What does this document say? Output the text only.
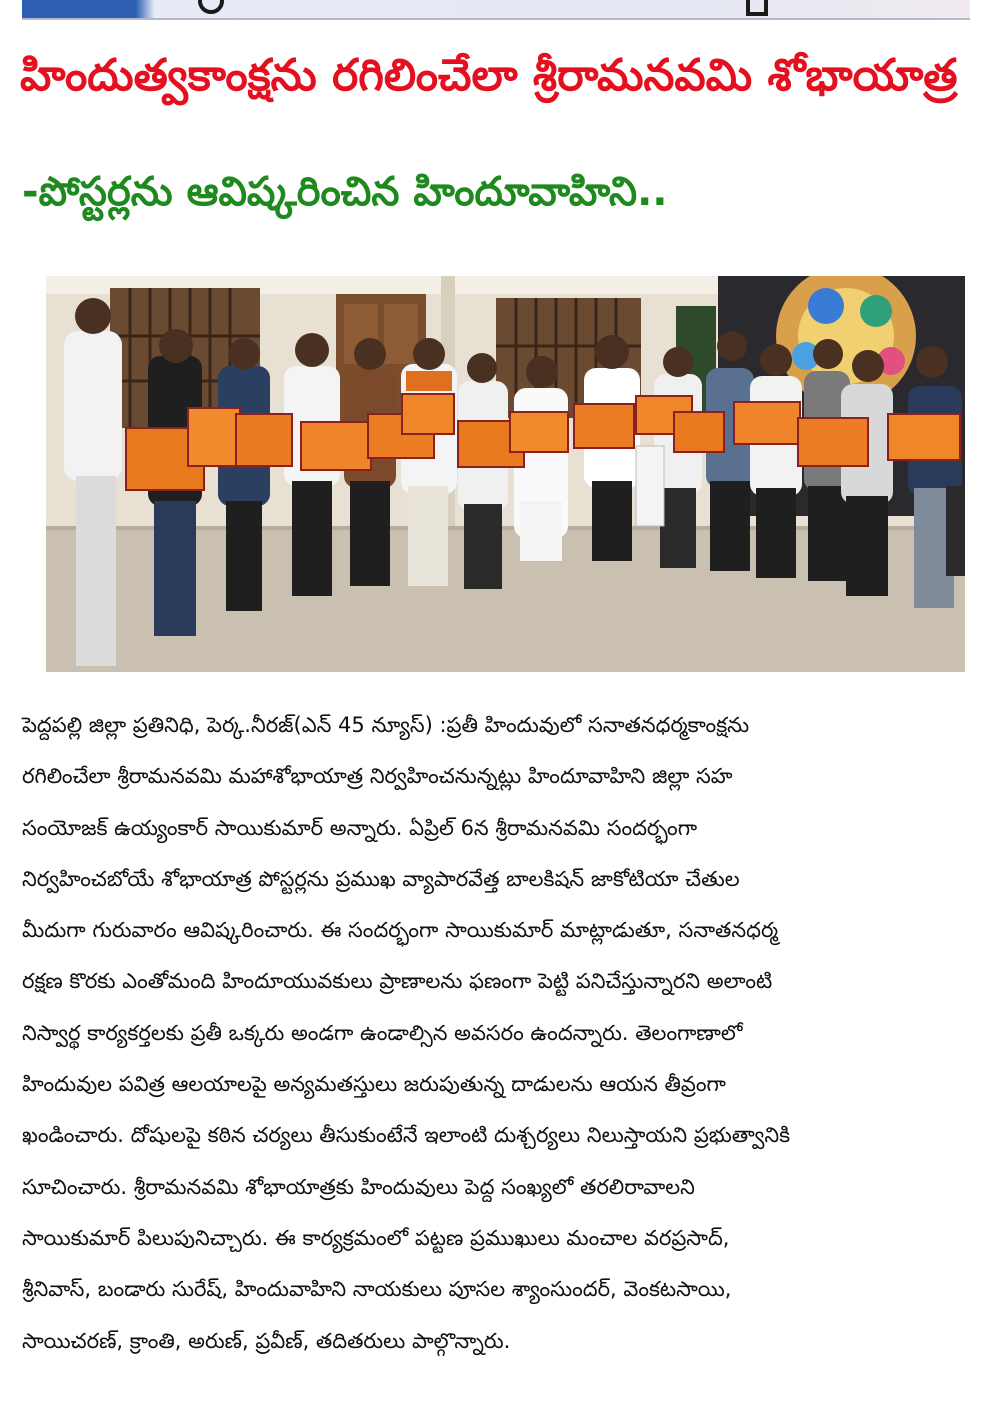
హిందుత్వకాంక్షను రగిలించేలా శ్రీరామనవమి శోభాయాత్ర
-పోస్టర్లను ఆవిష్కరించిన హిందూవాహిని..
పెద్దపల్లి జిల్లా ప్రతినిధి, పెర్క.నీరజ్(ఎన్ 45 న్యూస్) :ప్రతీ హిందువులో సనాతనధర్మకాంక్షను
రగిలించేలా శ్రీరామనవమి మహాశోభాయాత్ర నిర్వహించనున్నట్లు హిందూవాహిని జిల్లా సహ
సంయోజక్ ఉయ్యంకార్ సాయికుమార్ అన్నారు. ఏప్రిల్ 6న శ్రీరామనవమి సందర్భంగా
నిర్వహించబోయే శోభాయాత్ర పోస్టర్లను ప్రముఖ వ్యాపారవేత్త బాలకిషన్ జాకోటియా చేతుల
మీదుగా గురువారం ఆవిష్కరించారు. ఈ సందర్భంగా సాయికుమార్ మాట్లాడుతూ, సనాతనధర్మ
రక్షణ కొరకు ఎంతోమంది హిందూయువకులు ప్రాణాలను ఫణంగా పెట్టి పనిచేస్తున్నారని అలాంటి
నిస్వార్థ కార్యకర్తలకు ప్రతీ ఒక్కరు అండగా ఉండాల్సిన అవసరం ఉందన్నారు. తెలంగాణాలో
హిందువుల పవిత్ర ఆలయాలపై అన్యమతస్తులు జరుపుతున్న దాడులను ఆయన తీవ్రంగా
ఖండించారు. దోషులపై కఠిన చర్యలు తీసుకుంటేనే ఇలాంటి దుశ్చర్యలు నిలుస్తాయని ప్రభుత్వానికి
సూచించారు. శ్రీరామనవమి శోభాయాత్రకు హిందువులు పెద్ద సంఖ్యలో తరలిరావాలని
సాయికుమార్ పిలుపునిచ్చారు. ఈ కార్యక్రమంలో పట్టణ ప్రముఖులు మంచాల వరప్రసాద్,
శ్రీనివాస్, బండారు సురేష్, హిందువాహిని నాయకులు పూసల శ్యాంసుందర్, వెంకటసాయి,
సాయిచరణ్, క్రాంతి, అరుణ్, ప్రవీణ్, తదితరులు పాల్గొన్నారు.
